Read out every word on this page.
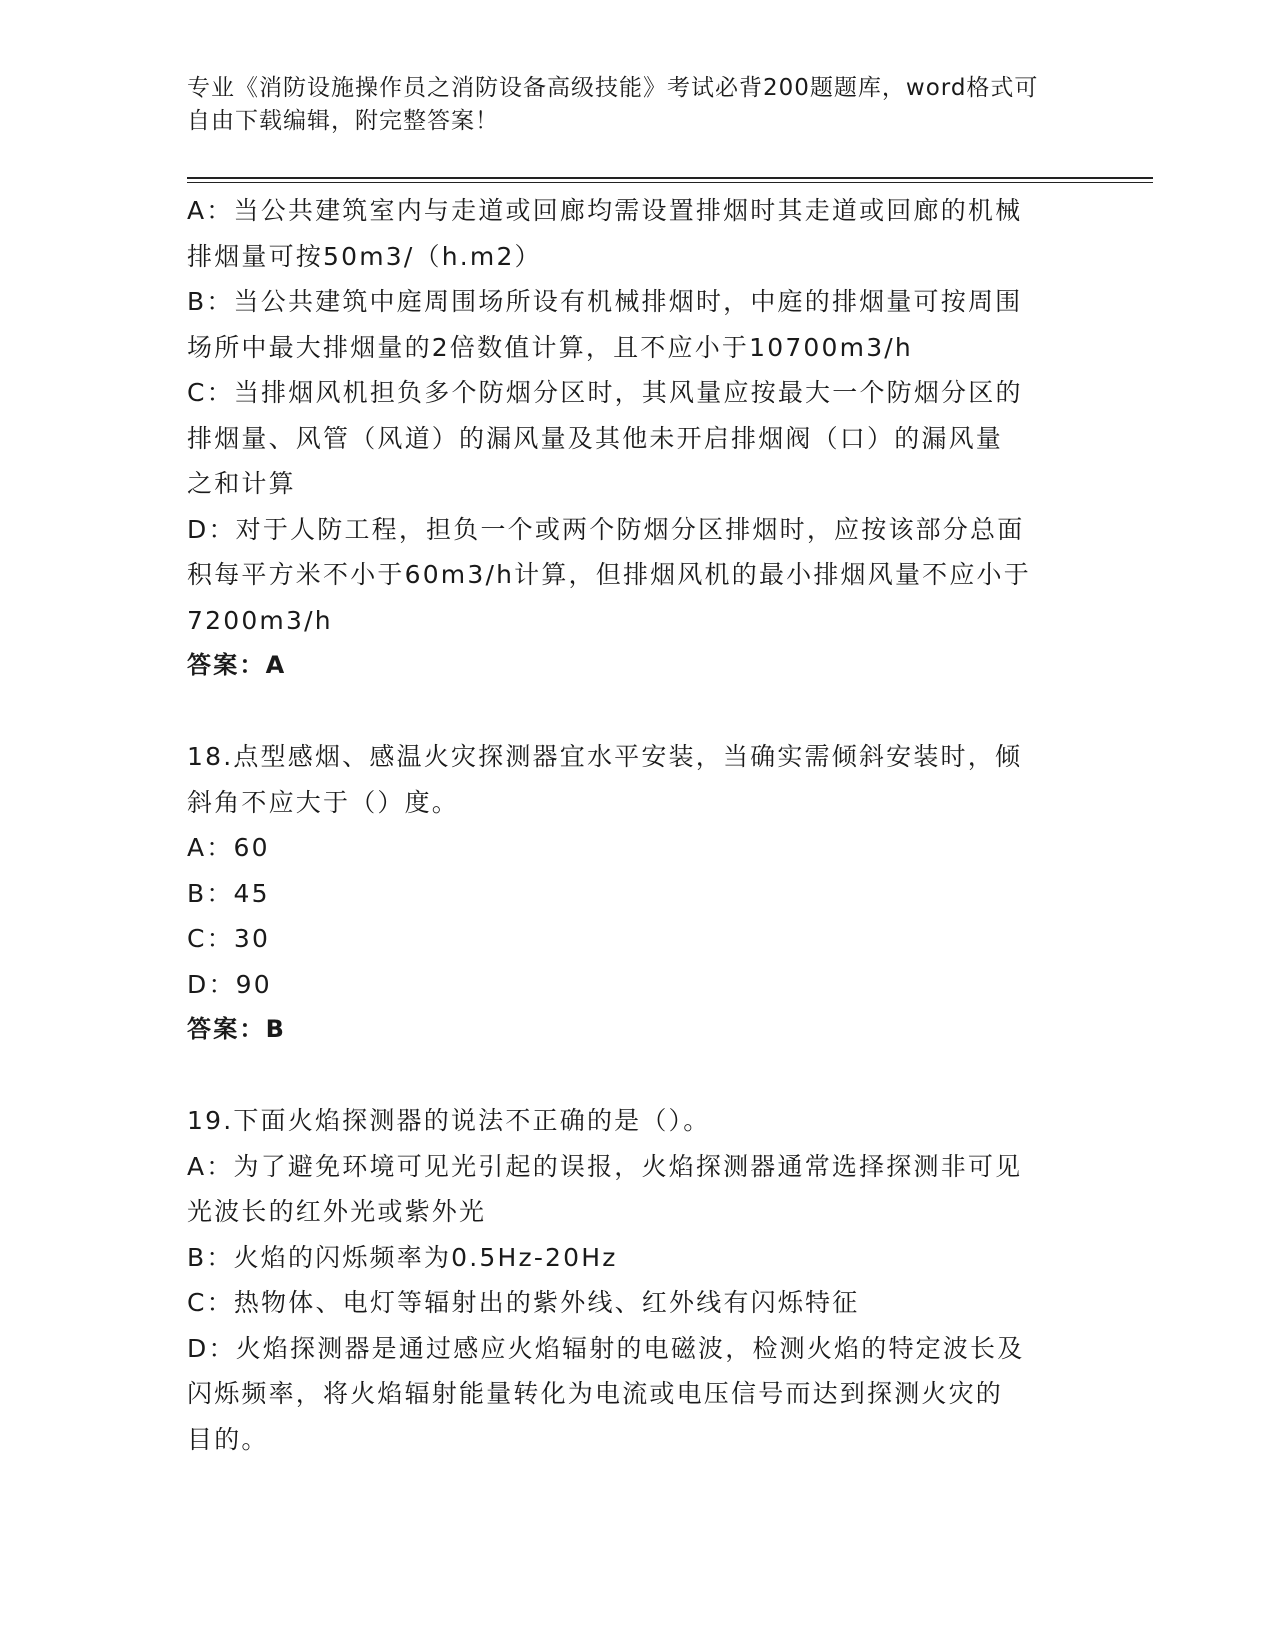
专业《消防设施操作员之消防设备高级技能》考试必背200题题库，word格式可
自由下载编辑，附完整答案！
A：当公共建筑室内与走道或回廊均需设置排烟时其走道或回廊的机械
排烟量可按50m3/（h.m2）
B：当公共建筑中庭周围场所设有机械排烟时，中庭的排烟量可按周围
场所中最大排烟量的2倍数值计算，且不应小于10700m3/h
C：当排烟风机担负多个防烟分区时，其风量应按最大一个防烟分区的
排烟量、风管（风道）的漏风量及其他未开启排烟阀（口）的漏风量
之和计算
D：对于人防工程，担负一个或两个防烟分区排烟时，应按该部分总面
积每平方米不小于60m3/h计算，但排烟风机的最小排烟风量不应小于
7200m3/h
答案：A
18.点型感烟、感温火灾探测器宜水平安装，当确实需倾斜安装时，倾
斜角不应大于（）度。
A：60
B：45
C：30
D：90
答案：B
19.下面火焰探测器的说法不正确的是（）。
A：为了避免环境可见光引起的误报，火焰探测器通常选择探测非可见
光波长的红外光或紫外光
B：火焰的闪烁频率为0.5Hz-20Hz
C：热物体、电灯等辐射出的紫外线、红外线有闪烁特征
D：火焰探测器是通过感应火焰辐射的电磁波，检测火焰的特定波长及
闪烁频率，将火焰辐射能量转化为电流或电压信号而达到探测火灾的
目的。
